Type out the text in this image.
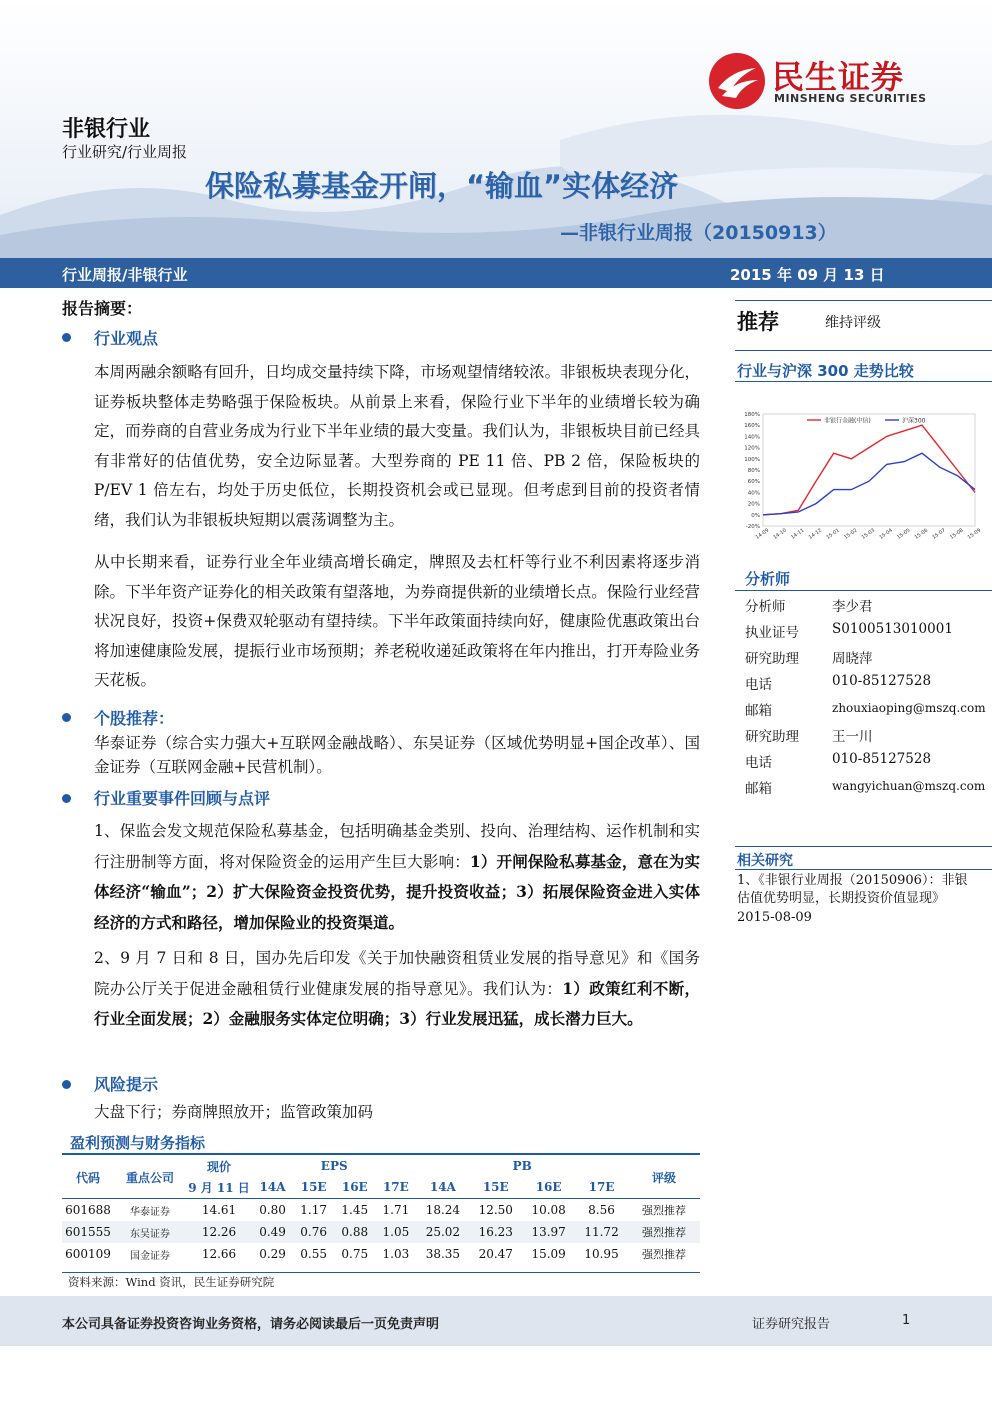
民生证券
MINSHENG SECURITIES
非银行业
行业研究/行业周报
保险私募基金开闸，“输血”实体经济
—非银行业周报（20150913）
行业周报/非银行业	2015 年 09 月 13 日
报告摘要：
行业观点
本周两融余额略有回升，日均成交量持续下降，市场观望情绪较浓。非银板块表现分化，证券板块整体走势略强于保险板块。从前景上来看，保险行业下半年的业绩增长较为确定，而券商的自营业务成为行业下半年业绩的最大变量。我们认为，非银板块目前已经具有非常好的估值优势，安全边际显著。大型券商的 PE 11 倍、PB 2 倍，保险板块的 P/EV 1 倍左右，均处于历史低位，长期投资机会或已显现。但考虑到目前的投资者情绪，我们认为非银板块短期以震荡调整为主。
从中长期来看，证券行业全年业绩高增长确定，牌照及去杠杆等行业不利因素将逐步消除。下半年资产证券化的相关政策有望落地，为券商提供新的业绩增长点。保险行业经营状况良好，投资+保费双轮驱动有望持续。下半年政策面持续向好，健康险优惠政策出台将加速健康险发展，提振行业市场预期；养老税收递延政策将在年内推出，打开寿险业务天花板。
个股推荐：
华泰证券（综合实力强大+互联网金融战略）、东吴证券（区域优势明显+国企改革）、国金证券（互联网金融+民营机制）。
行业重要事件回顾与点评
1、保监会发文规范保险私募基金，包括明确基金类别、投向、治理结构、运作机制和实行注册制等方面，将对保险资金的运用产生巨大影响：1）开闸保险私募基金，意在为实体经济“输血”；2）扩大保险资金投资优势，提升投资收益；3）拓展保险资金进入实体经济的方式和路径，增加保险业的投资渠道。
2、9 月 7 日和 8 日，国办先后印发《关于加快融资租赁业发展的指导意见》和《国务院办公厅关于促进金融租赁行业健康发展的指导意见》。我们认为：1）政策红利不断，行业全面发展；2）金融服务实体定位明确；3）行业发展迅猛，成长潜力巨大。
风险提示
大盘下行；券商牌照放开；监管政策加码
盈利预测与财务指标
代码	重点公司	现价	EPS				PB				评级
		9 月 11 日	14A	15E	16E	17E	14A	15E	16E	17E	
601688	华泰证券	14.61	0.80	1.17	1.45	1.71	18.24	12.50	10.08	8.56	强烈推荐
601555	东吴证券	12.26	0.49	0.76	0.88	1.05	25.02	16.23	13.97	11.72	强烈推荐
600109	国金证券	12.66	0.29	0.55	0.75	1.03	38.35	20.47	15.09	10.95	强烈推荐
资料来源：Wind 资讯，民生证券研究院
推荐	维持评级
行业与沪深 300 走势比较
180%
160%
140%
120%
100%
80%
60%
40%
20%
0%
-20%
14-09 14-10 14-11 14-12 15-01 15-02 15-03 15-04 15-05 15-06 15-07 15-08 15-09
非银行金融(中信)	沪深300
分析师
分析师	李少君
执业证号 S0100513010001
研究助理 周晓萍
电话	010-85127528
邮箱	zhouxiaoping@mszq.com
研究助理 王一川
电话	010-85127528
邮箱	wangyichuan@mszq.com
相关研究
1、《非银行业周报（20150906）：非银估值优势明显，长期投资价值显现》
2015-08-09
本公司具备证券投资咨询业务资格，请务必阅读最后一页免责声明	证券研究报告	1
